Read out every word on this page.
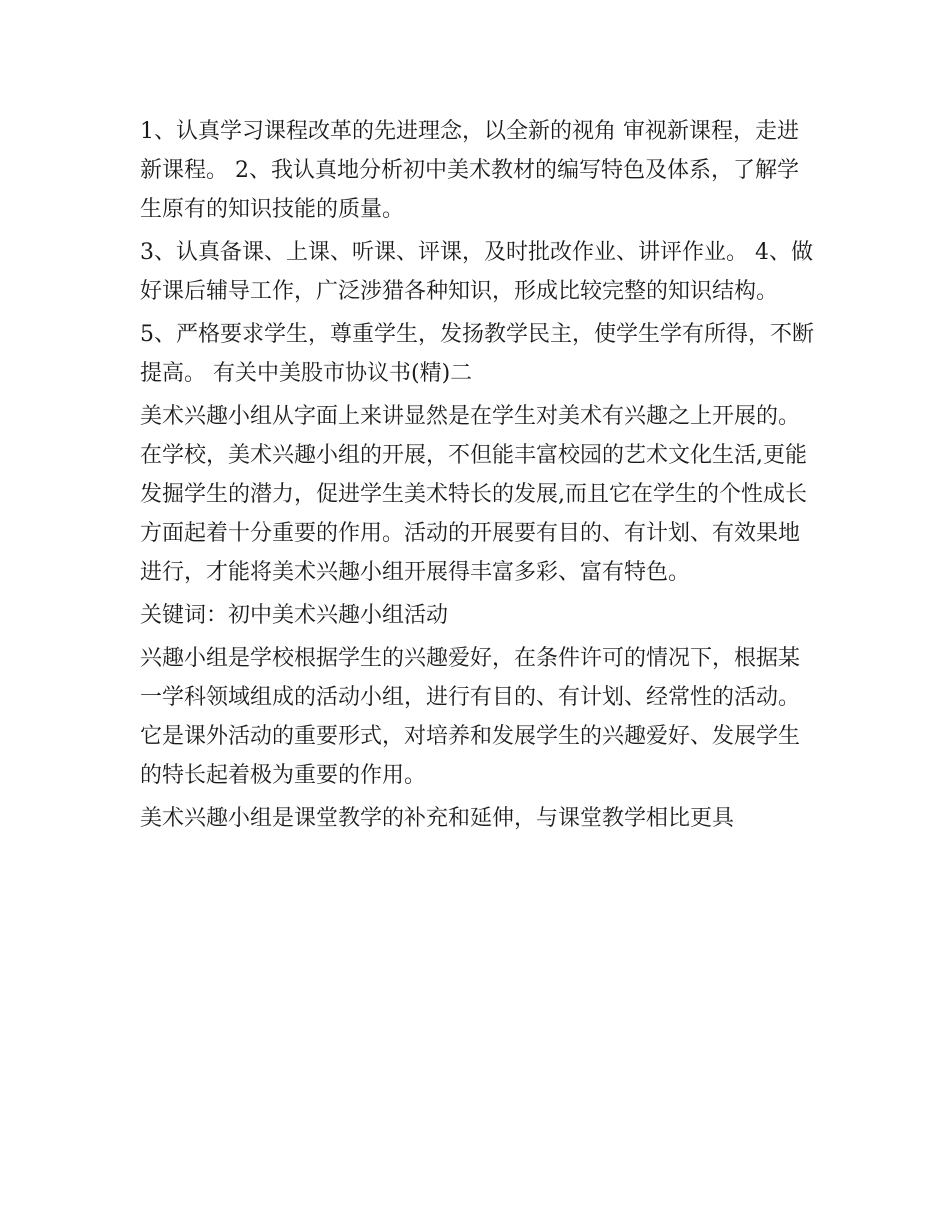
1、认真学习课程改革的先进理念，以全新的视角 审视新课程，走进新课程。 2、我认真地分析初中美术教材的编写特色及体系，了解学生原有的知识技能的质量。

3、认真备课、上课、听课、评课，及时批改作业、讲评作业。 4、做好课后辅导工作，广泛涉猎各种知识，形成比较完整的知识结构。

5、严格要求学生，尊重学生，发扬教学民主，使学生学有所得，不断提高。 有关中美股市协议书(精)二

美术兴趣小组从字面上来讲显然是在学生对美术有兴趣之上开展的。在学校，美术兴趣小组的开展，不但能丰富校园的艺术文化生活,更能发掘学生的潜力，促进学生美术特长的发展,而且它在学生的个性成长方面起着十分重要的作用。活动的开展要有目的、有计划、有效果地进行，才能将美术兴趣小组开展得丰富多彩、富有特色。

关键词：初中美术兴趣小组活动

兴趣小组是学校根据学生的兴趣爱好，在条件许可的情况下，根据某一学科领域组成的活动小组，进行有目的、有计划、经常性的活动。它是课外活动的重要形式，对培养和发展学生的兴趣爱好、发展学生的特长起着极为重要的作用。

美术兴趣小组是课堂教学的补充和延伸，与课堂教学相比更具
